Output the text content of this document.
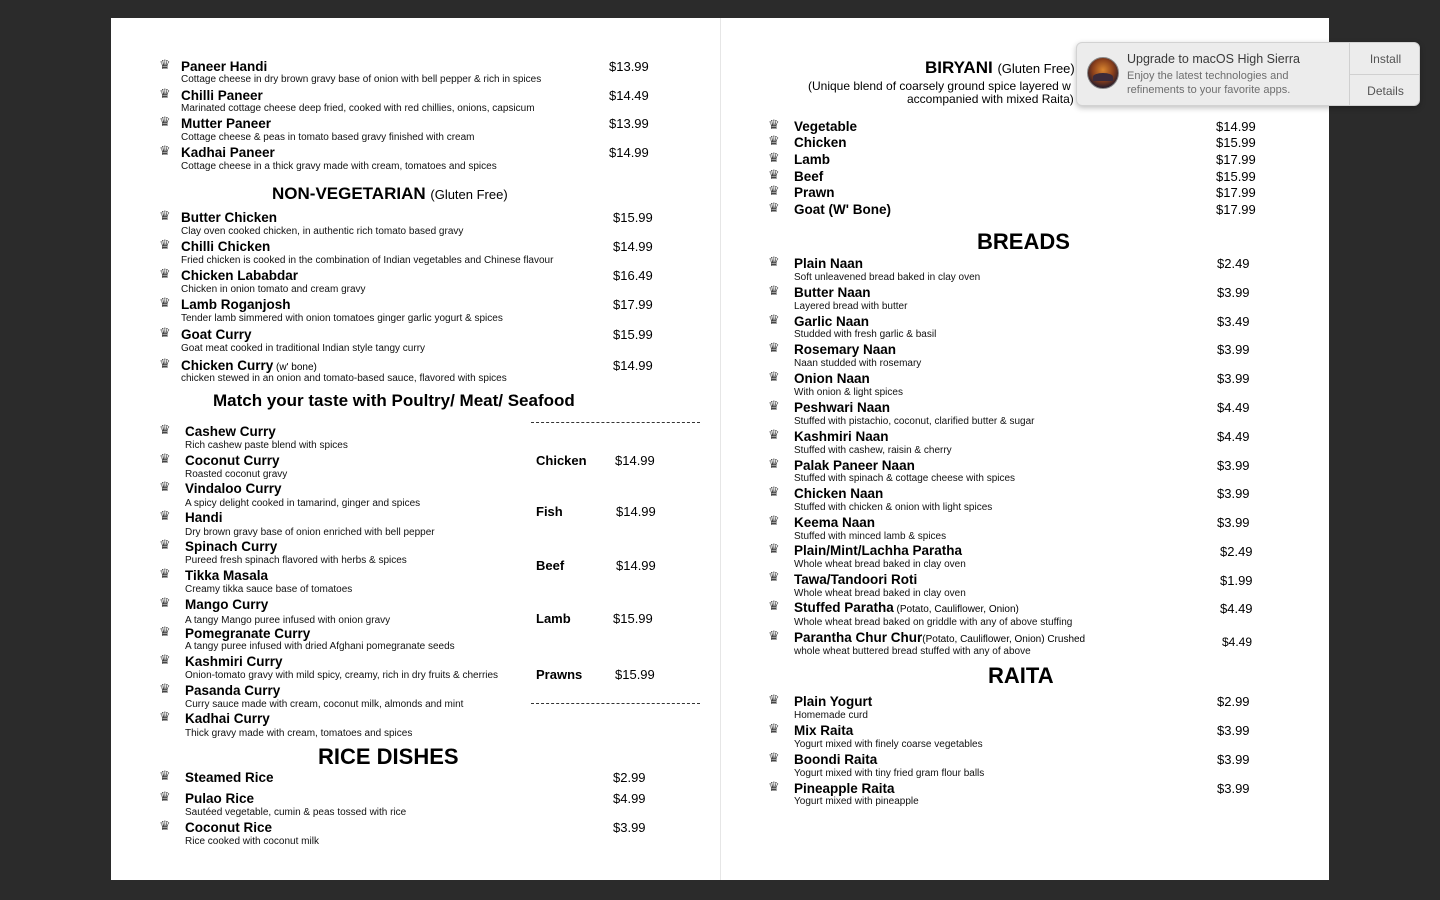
♛ Paneer Handi
Cottage cheese in dry brown gravy base of onion with bell pepper & rich in spices
$13.99
♛ Chilli Paneer
Marinated cottage cheese deep fried, cooked with red chillies, onions, capsicum
$14.49
♛ Mutter Paneer
Cottage cheese & peas in tomato based gravy finished with cream
$13.99
♛ Kadhai Paneer
Cottage cheese in a thick gravy made with cream, tomatoes and spices
$14.99
NON-VEGETARIAN (Gluten Free)
♛ Butter Chicken
Clay oven cooked chicken, in authentic rich tomato based gravy
$15.99
♛ Chilli Chicken
Fried chicken is cooked in the combination of Indian vegetables and Chinese flavour
$14.99
♛ Chicken Lababdar
Chicken in onion tomato and cream gravy
$16.49
♛ Lamb Roganjosh
Tender lamb simmered with onion tomatoes ginger garlic yogurt & spices
$17.99
♛ Goat Curry
Goat meat cooked in traditional Indian style tangy curry
$15.99
♛ Chicken Curry (w' bone)
chicken stewed in an onion and tomato-based sauce, flavored with spices
$14.99
Match your taste with Poultry/ Meat/ Seafood
♛ Cashew Curry
Rich cashew paste blend with spices
♛ Coconut Curry
Roasted coconut gravy
♛ Vindaloo Curry
A spicy delight cooked in tamarind, ginger and spices
♛ Handi
Dry brown gravy base of onion enriched with bell pepper
♛ Spinach Curry
Pureed fresh spinach flavored with herbs & spices
♛ Tikka Masala
Creamy tikka sauce base of tomatoes
♛ Mango Curry
A tangy Mango puree infused with onion gravy
♛ Pomegranate Curry
A tangy puree infused with dried Afghani pomegranate seeds
♛ Kashmiri Curry
Onion-tomato gravy with mild spicy, creamy, rich in dry fruits & cherries
♛ Pasanda Curry
Curry sauce made with cream, coconut milk, almonds and mint
♛ Kadhai Curry
Thick gravy made with cream, tomatoes and spices
Chicken $14.99
Fish	$14.99
Beef	$14.99
Lamb	$15.99
Prawns	$15.99
RICE DISHES
♛ Steamed Rice	$2.99
♛ Pulao Rice
Sautéed vegetable, cumin & peas tossed with rice
$4.99
♛ Coconut Rice
Rice cooked with coconut milk
$3.99
BIRYANI (Gluten Free)
(Unique blend of coarsely ground spice layered w
accompanied with mixed Raita)
♛ Vegetable	$14.99
♛ Chicken	$15.99
♛ Lamb	$17.99
♛ Beef	$15.99
♛ Prawn	$17.99
♛ Goat (W' Bone)	$17.99
BREADS
♛ Plain Naan
Soft unleavened bread baked in clay oven
$2.49
♛ Butter Naan
Layered bread with butter
$3.99
♛ Garlic Naan
Studded with fresh garlic & basil
$3.49
♛ Rosemary Naan
Naan studded with rosemary
$3.99
♛ Onion Naan
With onion & light spices
$3.99
♛ Peshwari Naan
Stuffed with pistachio, coconut, clarified butter & sugar
$4.49
♛ Kashmiri Naan
Stuffed with cashew, raisin & cherry
$4.49
♛ Palak Paneer Naan
Stuffed with spinach & cottage cheese with spices
$3.99
♛ Chicken Naan
Stuffed with chicken & onion with light spices
$3.99
♛ Keema Naan
Stuffed with minced lamb & spices
$3.99
♛ Plain/Mint/Lachha Paratha
Whole wheat bread baked in clay oven
$2.49
♛ Tawa/Tandoori Roti
Whole wheat bread baked in clay oven
$1.99
♛ Stuffed Paratha (Potato, Cauliflower, Onion)
Whole wheat bread baked on griddle with any of above stuffing
$4.49
♛ Parantha Chur Chur(Potato, Cauliflower, Onion) Crushed
whole wheat buttered bread stuffed with any of above
$4.49
RAITA
♛ Plain Yogurt
Homemade curd
$2.99
♛ Mix Raita
Yogurt mixed with finely coarse vegetables
$3.99
♛ Boondi Raita
Yogurt mixed with tiny fried gram flour balls
$3.99
♛ Pineapple Raita
Yogurt mixed with pineapple
$3.99
Upgrade to macOS High Sierra
Enjoy the latest technologies and refinements to your favorite apps.
Install
Details
